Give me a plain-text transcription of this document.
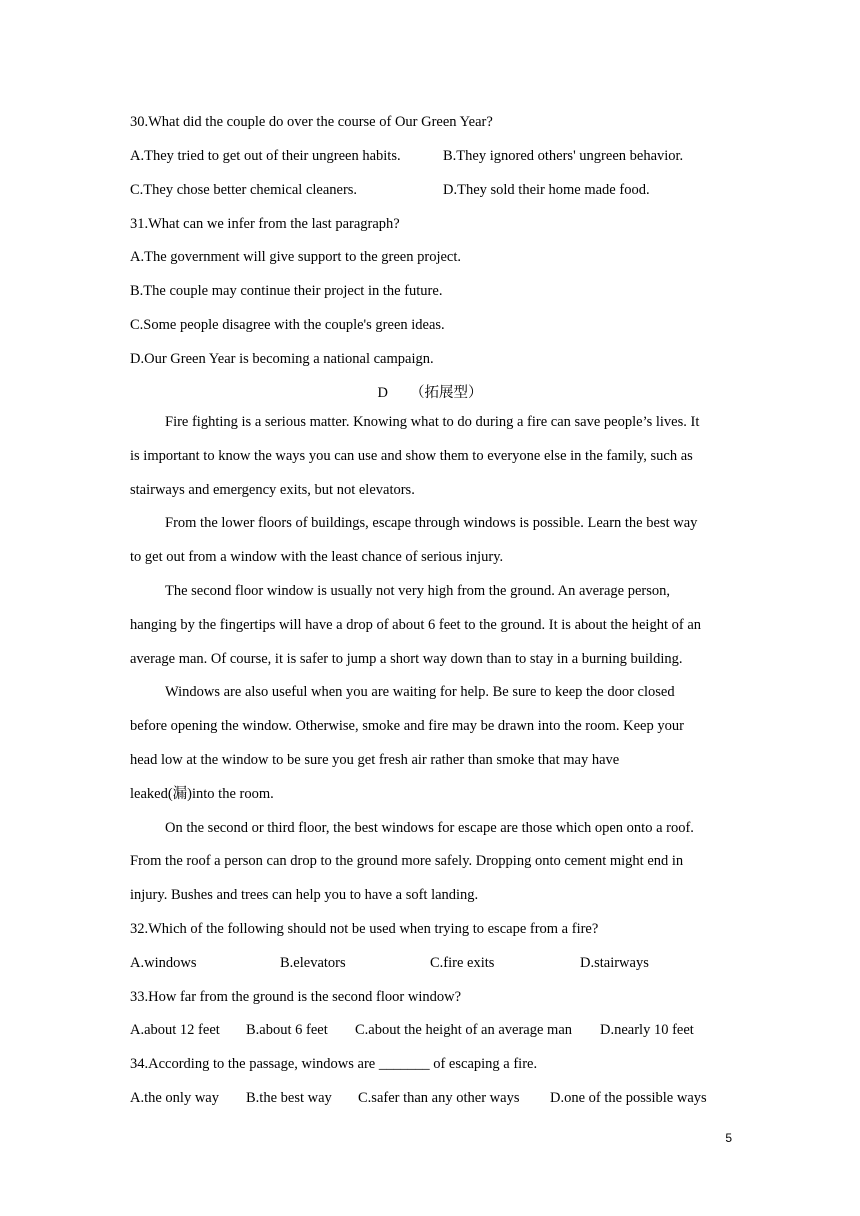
30.What did the couple do over the course of Our Green Year?
A.They tried to get out of their ungreen habits.	B.They ignored others' ungreen behavior.
C.They chose better chemical cleaners.	D.They sold their home made food.
31.What can we infer from the last paragraph?
A.The government will give support to the green project.
B.The couple may continue their project in the future.
C.Some people disagree with the couple's green ideas.
D.Our Green Year is becoming a national campaign.
D （拓展型）
Fire fighting is a serious matter. Knowing what to do during a fire can save people’s lives. It
is important to know the ways you can use and show them to everyone else in the family, such as
stairways and emergency exits, but not elevators.
From the lower floors of buildings, escape through windows is possible. Learn the best way
to get out from a window with the least chance of serious injury.
The second floor window is usually not very high from the ground. An average person,
hanging by the fingertips will have a drop of about 6 feet to the ground. It is about the height of an
average man. Of course, it is safer to jump a short way down than to stay in a burning building.
Windows are also useful when you are waiting for help. Be sure to keep the door closed
before opening the window. Otherwise, smoke and fire may be drawn into the room. Keep your
head low at the window to be sure you get fresh air rather than smoke that may have
leaked(漏)into the room.
On the second or third floor, the best windows for escape are those which open onto a roof.
From the roof a person can drop to the ground more safely. Dropping onto cement might end in
injury. Bushes and trees can help you to have a soft landing.
32.Which of the following should not be used when trying to escape from a fire?
A.windows	B.elevators	C.fire exits	D.stairways
33.How far from the ground is the second floor window?
A.about 12 feet B.about 6 feet C.about the height of an average man D.nearly 10 feet
34.According to the passage, windows are _______ of escaping a fire.
A.the only way B.the best way C.safer than any other ways D.one of the possible ways
5
